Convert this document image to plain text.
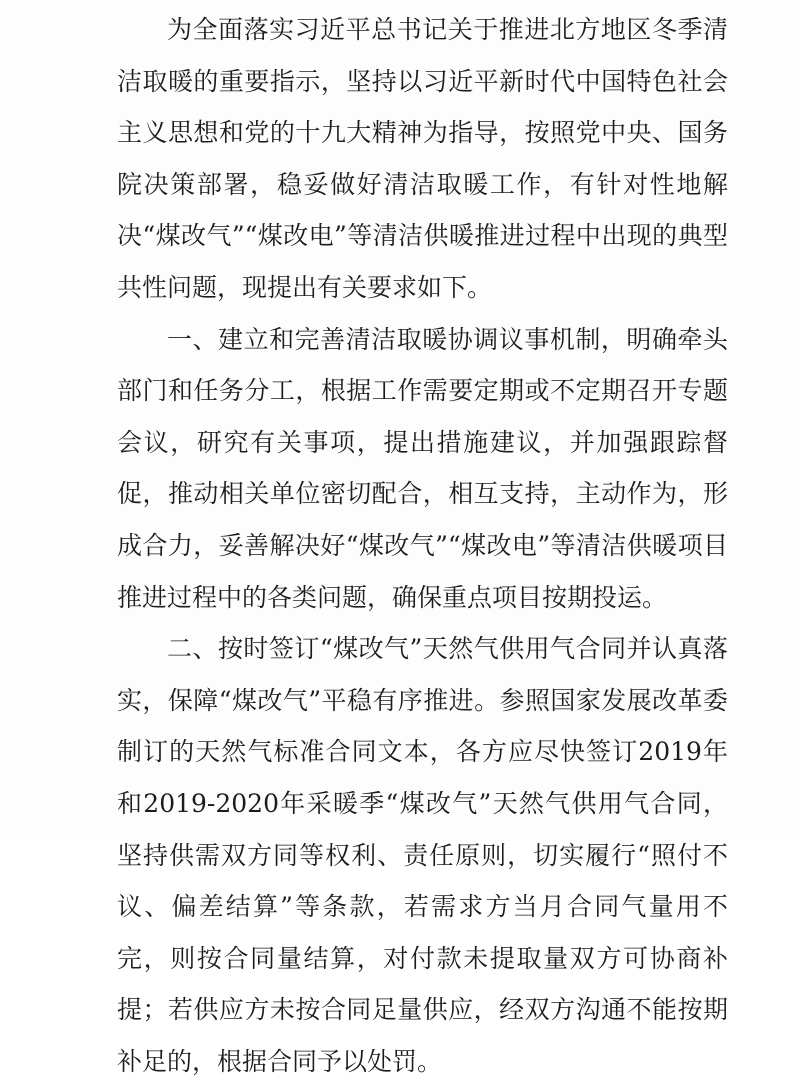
为全面落实习近平总书记关于推进北方地区冬季清洁取暖的重要指示，坚持以习近平新时代中国特色社会主义思想和党的十九大精神为指导，按照党中央、国务院决策部署，稳妥做好清洁取暖工作，有针对性地解决“煤改气”“煤改电”等清洁供暖推进过程中出现的典型共性问题，现提出有关要求如下。

一、建立和完善清洁取暖协调议事机制，明确牵头部门和任务分工，根据工作需要定期或不定期召开专题会议，研究有关事项，提出措施建议，并加强跟踪督促，推动相关单位密切配合，相互支持，主动作为，形成合力，妥善解决好“煤改气”“煤改电”等清洁供暖项目推进过程中的各类问题，确保重点项目按期投运。

二、按时签订“煤改气”天然气供用气合同并认真落实，保障“煤改气”平稳有序推进。参照国家发展改革委制订的天然气标准合同文本，各方应尽快签订2019年和2019-2020年采暖季“煤改气”天然气供用气合同，坚持供需双方同等权利、责任原则，切实履行“照付不议、偏差结算”等条款，若需求方当月合同气量用不完，则按合同量结算，对付款未提取量双方可协商补提；若供应方未按合同足量供应，经双方沟通不能按期补足的，根据合同予以处罚。
